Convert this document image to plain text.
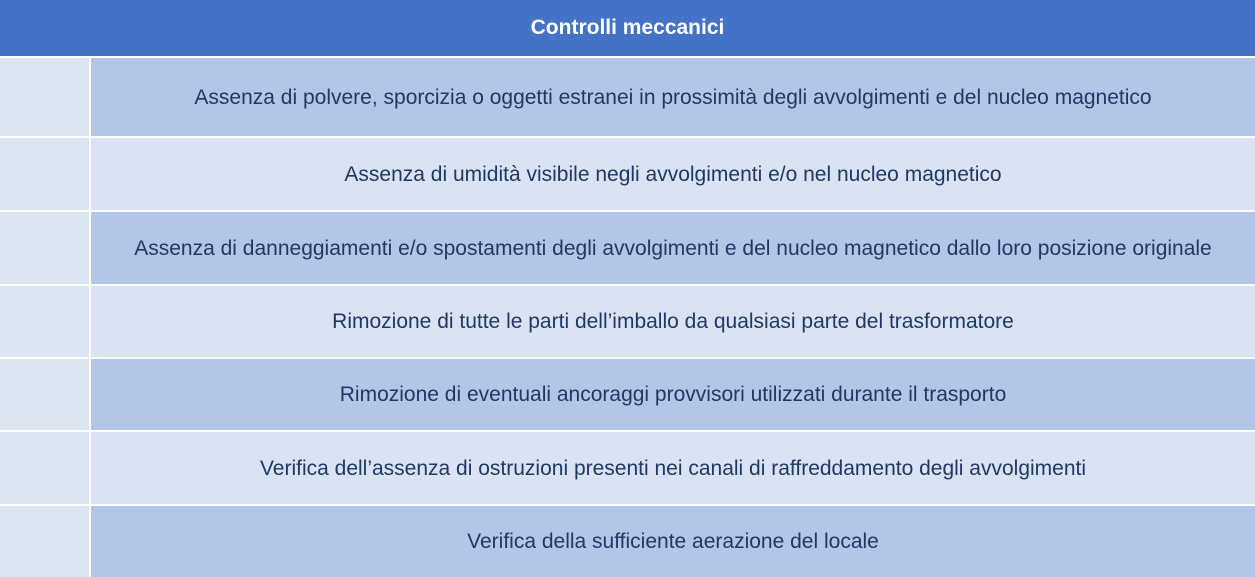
Controlli meccanici
Assenza di polvere, sporcizia o oggetti estranei in prossimità degli avvolgimenti e del nucleo magnetico
Assenza di umidità visibile negli avvolgimenti e/o nel nucleo magnetico
Assenza di danneggiamenti e/o spostamenti degli avvolgimenti e del nucleo magnetico dallo loro posizione originale
Rimozione di tutte le parti dell’imballo da qualsiasi parte del trasformatore
Rimozione di eventuali ancoraggi provvisori utilizzati durante il trasporto
Verifica dell’assenza di ostruzioni presenti nei canali di raffreddamento degli avvolgimenti
Verifica della sufficiente aerazione del locale
